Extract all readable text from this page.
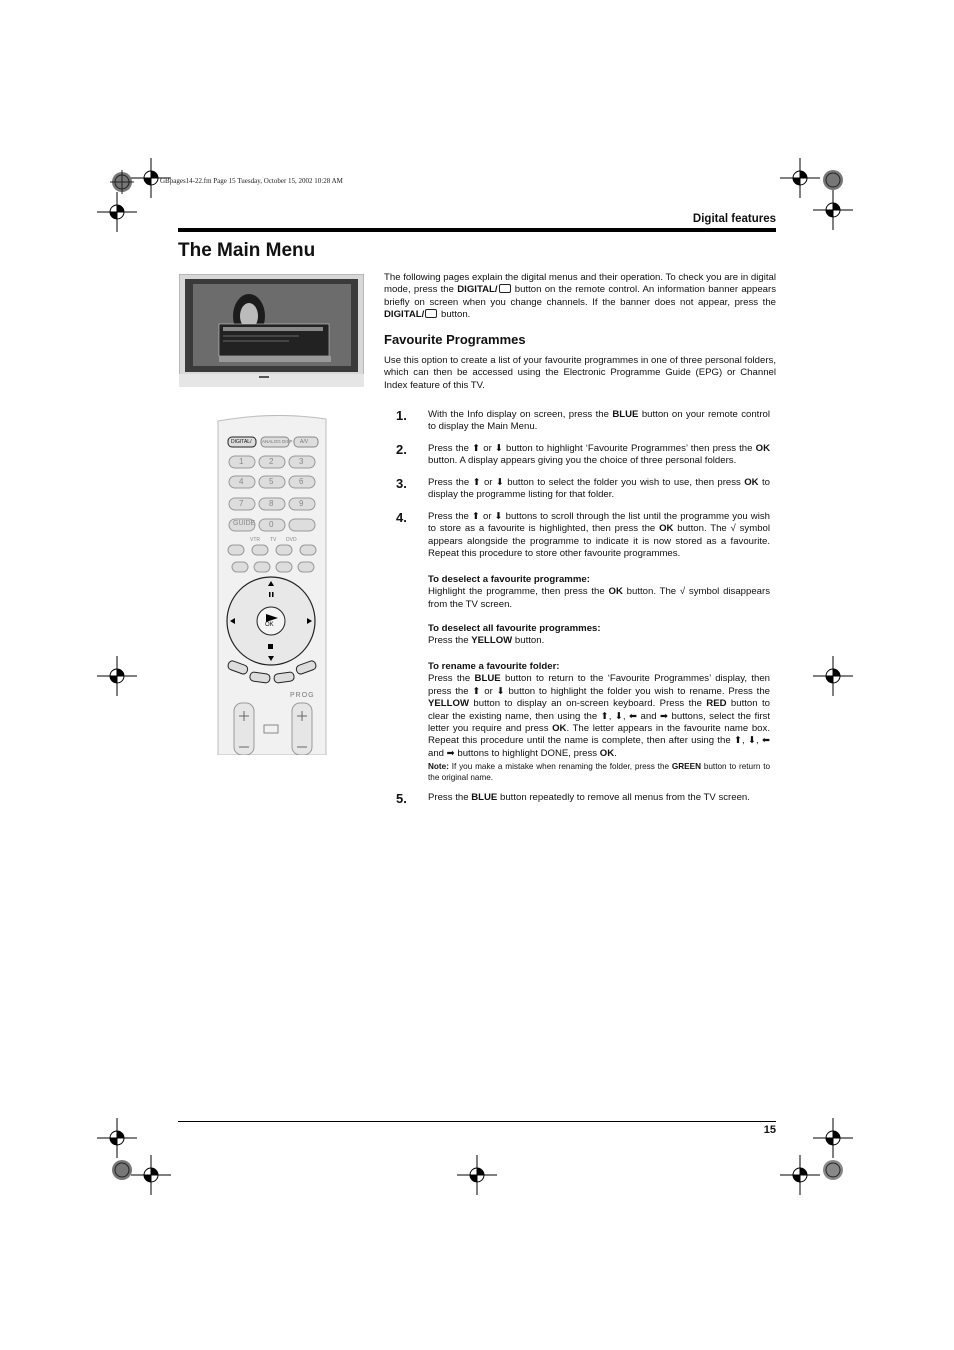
GBpages14-22.fm Page 15 Tuesday, October 15, 2002 10:28 AM
Digital features
The Main Menu
DIGITAL/ ANALOG DISP A/V
1	2	3
4	5	6
7	8	9
GUIDE 0
VTR TV DVD
OK
PROG
The following pages explain the digital menus and their operation. To check you are in digital mode, press the DIGITAL/ button on the remote control. An information banner appears briefly on screen when you change channels. If the banner does not appear, press the DIGITAL/ button.
Favourite Programmes
Use this option to create a list of your favourite programmes in one of three personal folders, which can then be accessed using the Electronic Programme Guide (EPG) or Channel Index feature of this TV.
1. With the Info display on screen, press the BLUE button on your remote control to display the Main Menu.
2. Press the ⬆ or ⬇ button to highlight ‘Favourite Programmes’ then press the OK button. A display appears giving you the choice of three personal folders.
3. Press the ⬆ or ⬇ button to select the folder you wish to use, then press OK to display the programme listing for that folder.
4. Press the ⬆ or ⬇ buttons to scroll through the list until the programme you wish to store as a favourite is highlighted, then press the OK button. The √ symbol appears alongside the programme to indicate it is now stored as a favourite. Repeat this procedure to store other favourite programmes.
To deselect a favourite programme:
Highlight the programme, then press the OK button. The √ symbol disappears from the TV screen.
To deselect all favourite programmes:
Press the YELLOW button.
To rename a favourite folder:
Press the BLUE button to return to the ‘Favourite Programmes’ display, then press the ⬆ or ⬇ button to highlight the folder you wish to rename. Press the YELLOW button to display an on-screen keyboard. Press the RED button to clear the existing name, then using the ⬆, ⬇, ⬅ and ➡ buttons, select the first letter you require and press OK. The letter appears in the favourite name box. Repeat this procedure until the name is complete, then after using the ⬆, ⬇, ⬅ and ➡ buttons to highlight DONE, press OK.
Note: If you make a mistake when renaming the folder, press the GREEN button to return to the original name.
5. Press the BLUE button repeatedly to remove all menus from the TV screen.
15
